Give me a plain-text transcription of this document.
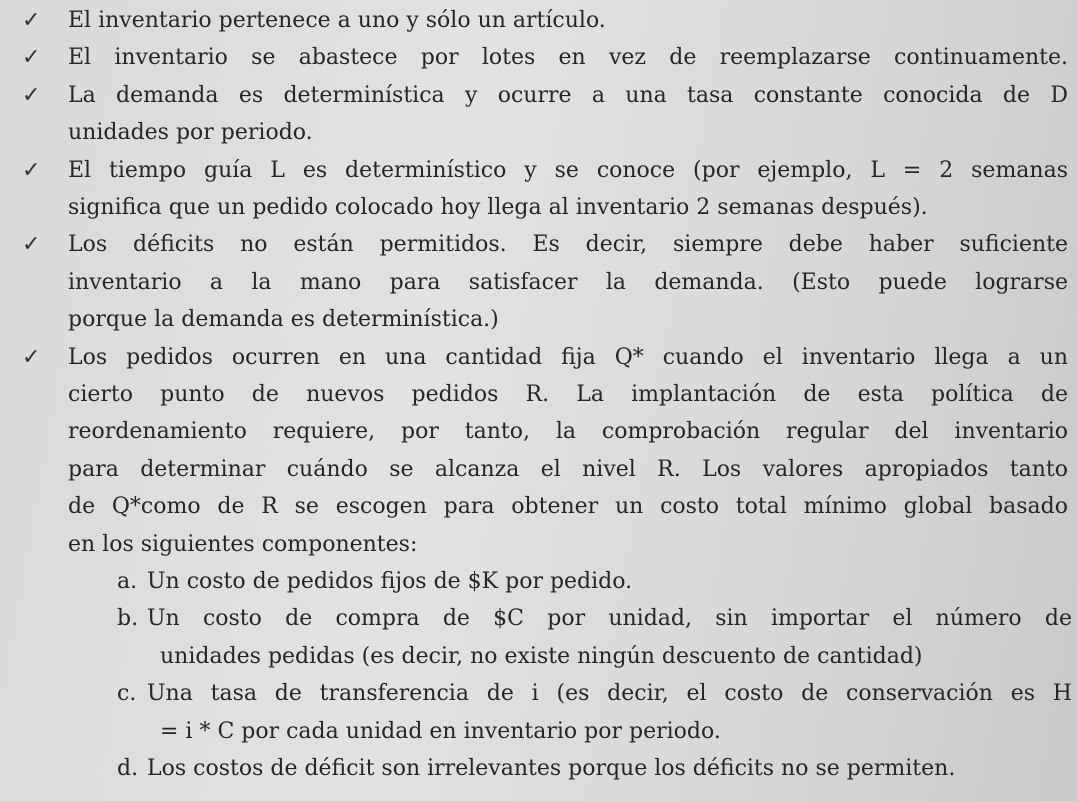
✓ El inventario pertenece a uno y sólo un artículo.
✓ El inventario se abastece por lotes en vez de reemplazarse continuamente.
✓ La demanda es determinística y ocurre a una tasa constante conocida de D
unidades por periodo.
✓ El tiempo guía L es determinístico y se conoce (por ejemplo, L = 2 semanas
significa que un pedido colocado hoy llega al inventario 2 semanas después).
✓ Los déficits no están permitidos. Es decir, siempre debe haber suficiente
inventario a la mano para satisfacer la demanda. (Esto puede lograrse
porque la demanda es determinística.)
✓ Los pedidos ocurren en una cantidad fija Q* cuando el inventario llega a un
cierto punto de nuevos pedidos R. La implantación de esta política de
reordenamiento requiere, por tanto, la comprobación regular del inventario
para determinar cuándo se alcanza el nivel R. Los valores apropiados tanto
de Q*como de R se escogen para obtener un costo total mínimo global basado
en los siguientes componentes:
a. Un costo de pedidos fijos de $K por pedido.
b. Un costo de compra de $C por unidad, sin importar el número de
unidades pedidas (es decir, no existe ningún descuento de cantidad)
c. Una tasa de transferencia de i (es decir, el costo de conservación es H
= i * C por cada unidad en inventario por periodo.
d. Los costos de déficit son irrelevantes porque los déficits no se permiten.
